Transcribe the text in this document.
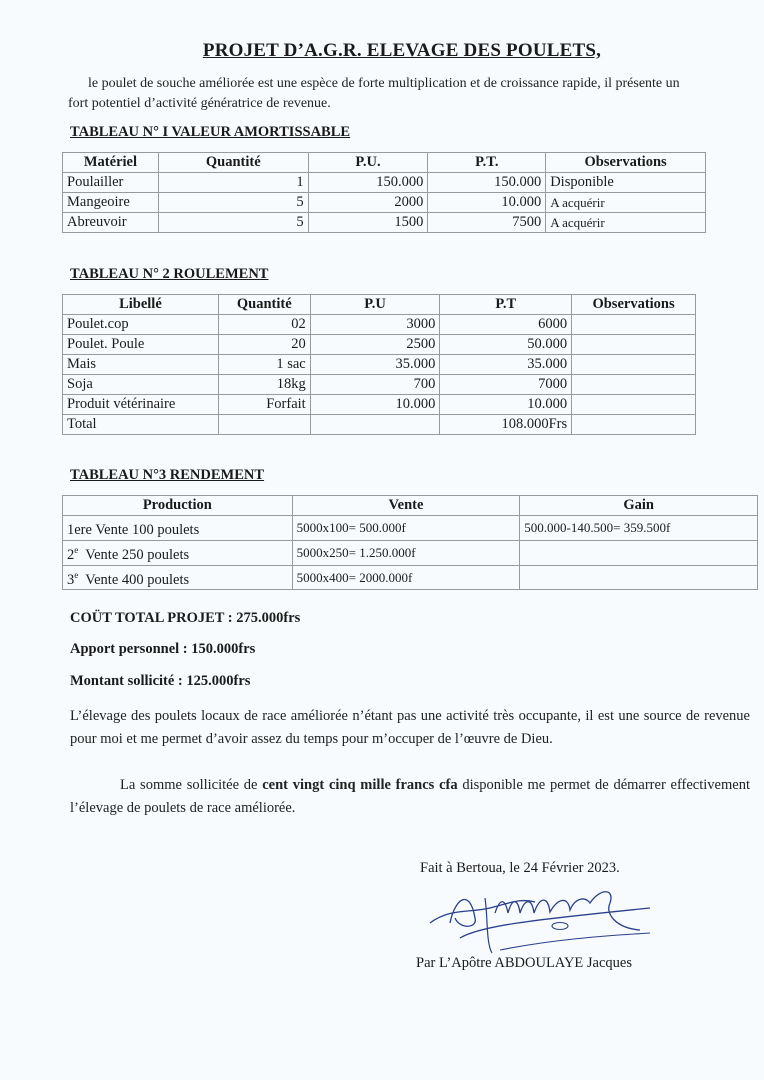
PROJET D’A.G.R. ELEVAGE DES POULETS,
le poulet de souche améliorée est une espèce de forte multiplication et de croissance rapide, il présente un
fort potentiel d’activité génératrice de revenue.
TABLEAU N° I VALEUR AMORTISSABLE
Matériel	Quantité	P.U.	P.T.	Observations
Poulailler	1	150.000	150.000	Disponible
Mangeoire	5	2000	10.000	A acquérir
Abreuvoir	5	1500	7500	A acquérir
TABLEAU N° 2 ROULEMENT
Libellé	Quantité	P.U	P.T	Observations
Poulet.cop	02	3000	6000	
Poulet. Poule	20	2500	50.000	
Mais	1 sac	35.000	35.000	
Soja	18kg	700	7000	
Produit vétérinaire	Forfait	10.000	10.000	
Total			108.000Frs	
TABLEAU N°3 RENDEMENT
Production	Vente	Gain
1ere Vente 100 poulets	5000x100= 500.000f	500.000-140.500= 359.500f
2e  Vente 250 poulets	5000x250= 1.250.000f	
3e  Vente 400 poulets	5000x400= 2000.000f	
COÜT TOTAL PROJET : 275.000frs
Apport personnel : 150.000frs
Montant sollicité : 125.000frs
L’élevage des poulets locaux de race améliorée n’étant pas une activité très occupante, il est une source de revenue pour moi et me permet d’avoir assez du temps pour m’occuper de l’œuvre de Dieu.
La somme sollicitée de cent vingt cinq mille francs cfa disponible me permet de démarrer effectivement l’élevage de poulets de race améliorée.
Fait à Bertoua, le 24 Février 2023.
Par L’Apôtre ABDOULAYE Jacques
